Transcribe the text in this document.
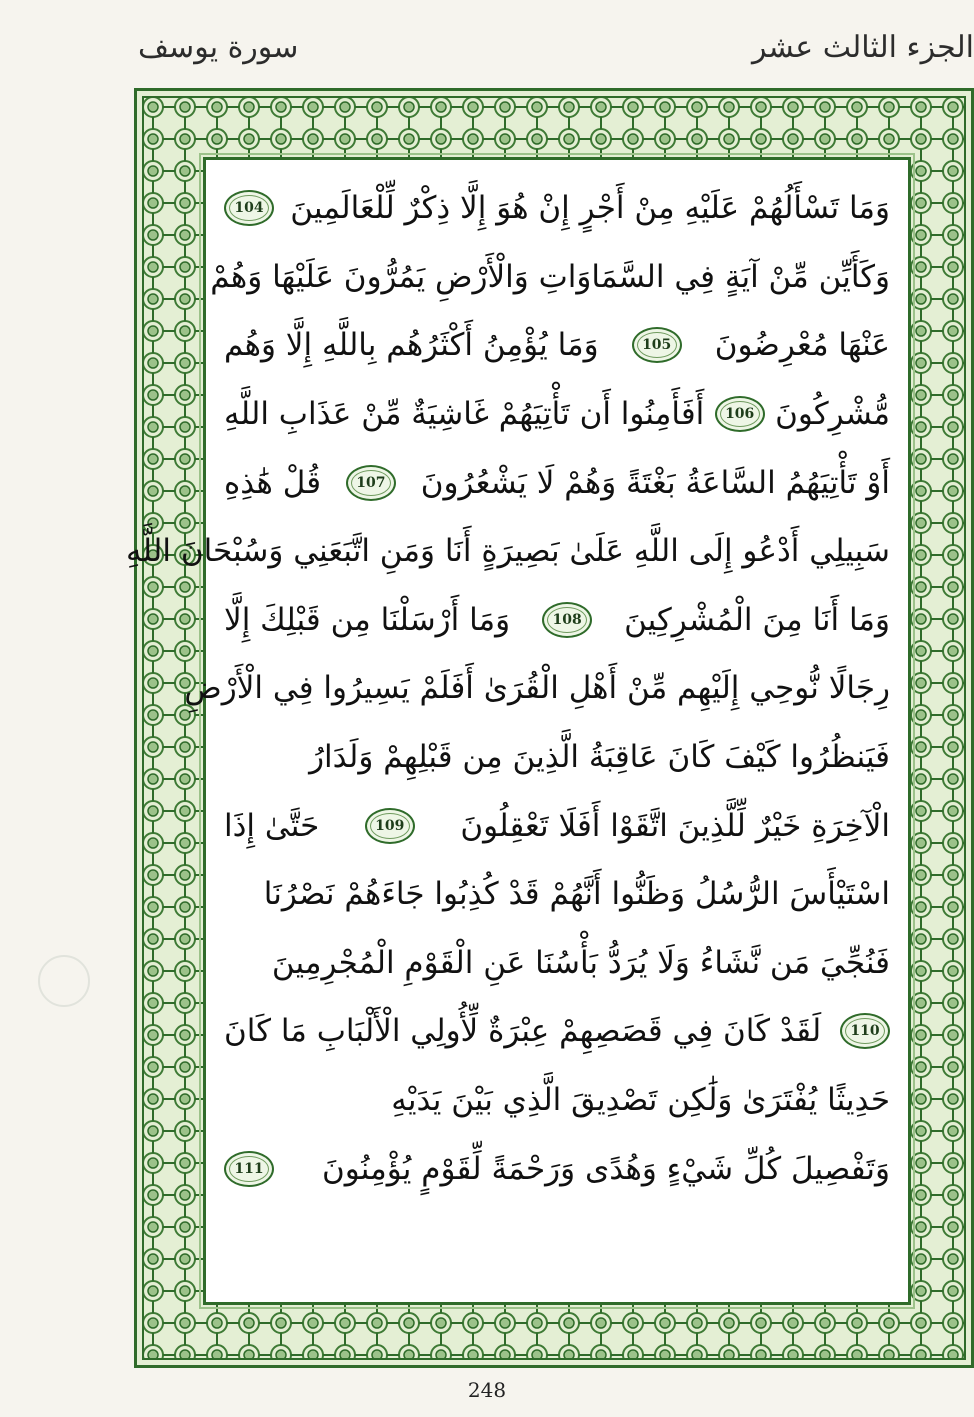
الجزء الثالث عشر
سورة يوسف
وَمَا تَسْأَلُهُمْ عَلَيْهِ مِنْ أَجْرٍ إِنْ هُوَ إِلَّا ذِكْرٌ لِّلْعَالَمِينَ
104
وَكَأَيِّن مِّنْ آيَةٍ فِي السَّمَاوَاتِ وَالْأَرْضِ يَمُرُّونَ عَلَيْهَا وَهُمْ
عَنْهَا مُعْرِضُونَ
105
وَمَا يُؤْمِنُ أَكْثَرُهُم بِاللَّهِ إِلَّا وَهُم
مُّشْرِكُونَ
106
أَفَأَمِنُوا أَن تَأْتِيَهُمْ غَاشِيَةٌ مِّنْ عَذَابِ اللَّهِ
أَوْ تَأْتِيَهُمُ السَّاعَةُ بَغْتَةً وَهُمْ لَا يَشْعُرُونَ
107
قُلْ هَٰذِهِ
سَبِيلِي أَدْعُو إِلَى اللَّهِ عَلَىٰ بَصِيرَةٍ أَنَا وَمَنِ اتَّبَعَنِي وَسُبْحَانَ اللَّهِ
وَمَا أَنَا مِنَ الْمُشْرِكِينَ
108
وَمَا أَرْسَلْنَا مِن قَبْلِكَ إِلَّا
رِجَالًا نُّوحِي إِلَيْهِم مِّنْ أَهْلِ الْقُرَىٰ أَفَلَمْ يَسِيرُوا فِي الْأَرْضِ
فَيَنظُرُوا كَيْفَ كَانَ عَاقِبَةُ الَّذِينَ مِن قَبْلِهِمْ وَلَدَارُ
الْآخِرَةِ خَيْرٌ لِّلَّذِينَ اتَّقَوْا أَفَلَا تَعْقِلُونَ
109
حَتَّىٰ إِذَا
اسْتَيْأَسَ الرُّسُلُ وَظَنُّوا أَنَّهُمْ قَدْ كُذِبُوا جَاءَهُمْ نَصْرُنَا
فَنُجِّيَ مَن نَّشَاءُ وَلَا يُرَدُّ بَأْسُنَا عَنِ الْقَوْمِ الْمُجْرِمِينَ
110
لَقَدْ كَانَ فِي قَصَصِهِمْ عِبْرَةٌ لِّأُولِي الْأَلْبَابِ مَا كَانَ
حَدِيثًا يُفْتَرَىٰ وَلَٰكِن تَصْدِيقَ الَّذِي بَيْنَ يَدَيْهِ
وَتَفْصِيلَ كُلِّ شَيْءٍ وَهُدًى وَرَحْمَةً لِّقَوْمٍ يُؤْمِنُونَ
111
248
